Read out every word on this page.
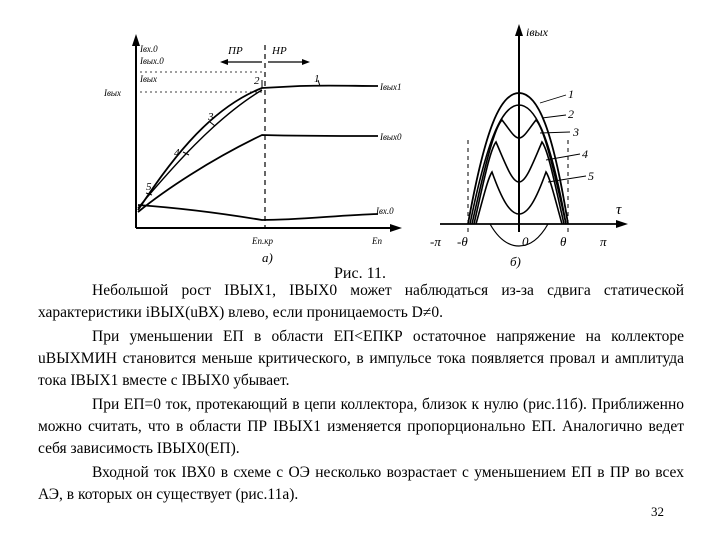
Iвх.0
Iвых.0
Iвых
Iвых
ПР	НР
1
2
3
4
5
Iвых1
Iвых0
Iвх.0
Eп.кр	Eп
а)
iвых
-π -θ	0 θ	π
τ
1
2
3
4
5
б)
Рис. 11.

Небольшой рост IВЫХ1, IВЫХ0 может наблюдаться из-за сдвига статической характеристики iВЫХ(uВХ) влево, если проницаемость D≠0.

При уменьшении EП в области EП<EПКР остаточное напряжение на коллекторе uВЫХМИН становится меньше критического, в импульсе тока появляется провал и амплитуда тока IВЫХ1 вместе с IВЫХ0 убывает.

При EП=0 ток, протекающий в цепи коллектора, близок к нулю (рис.11б). Приближенно можно считать, что в области ПР IВЫХ1 изменяется пропорционально EП. Аналогично ведет себя зависимость IВЫХ0(EП).

Входной ток IВХ0 в схеме с ОЭ несколько возрастает с уменьшением EП в ПР во всех АЭ, в которых он существует (рис.11а).

32
